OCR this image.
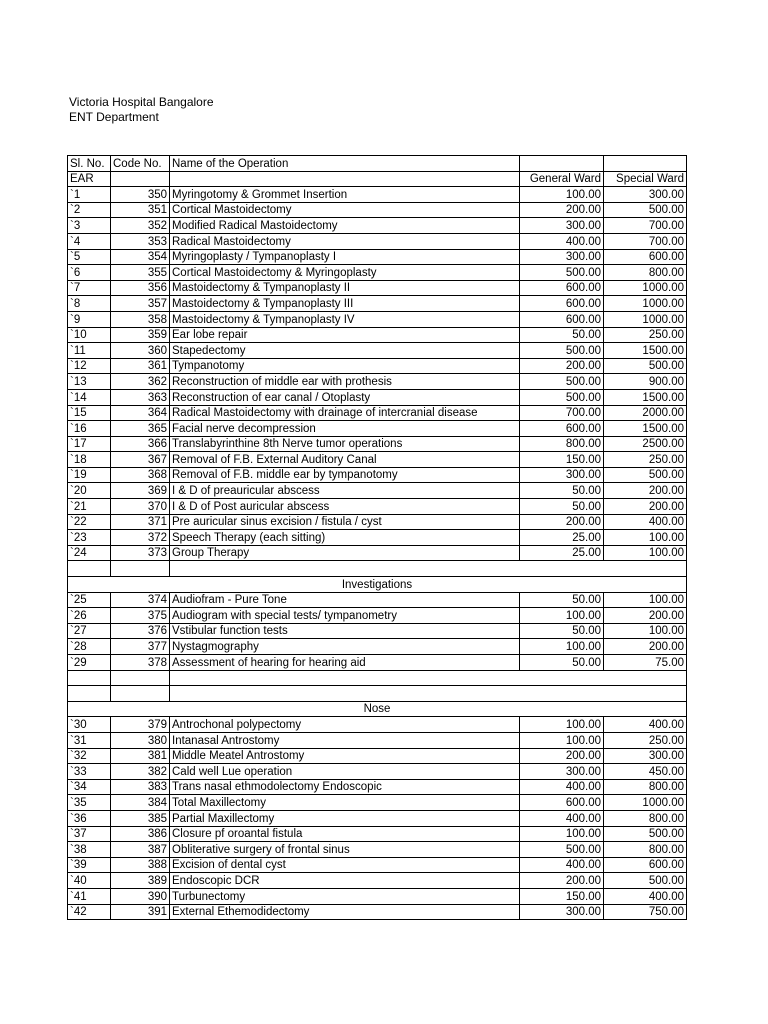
Victoria Hospital Bangalore
ENT Department
Sl. No.	Code No.	Name of the Operation		
EAR			General Ward	Special Ward
`1	350	Myringotomy & Grommet Insertion	100.00	300.00
`2	351	Cortical Mastoidectomy	200.00	500.00
`3	352	Modified Radical Mastoidectomy	300.00	700.00
`4	353	Radical Mastoidectomy	400.00	700.00
`5	354	Myringoplasty / Tympanoplasty I	300.00	600.00
`6	355	Cortical Mastoidectomy & Myringoplasty	500.00	800.00
`7	356	Mastoidectomy & Tympanoplasty II	600.00	1000.00
`8	357	Mastoidectomy & Tympanoplasty III	600.00	1000.00
`9	358	Mastoidectomy & Tympanoplasty IV	600.00	1000.00
`10	359	Ear lobe repair	50.00	250.00
`11	360	Stapedectomy	500.00	1500.00
`12	361	Tympanotomy	200.00	500.00
`13	362	Reconstruction of middle ear with prothesis	500.00	900.00
`14	363	Reconstruction of ear canal / Otoplasty	500.00	1500.00
`15	364	Radical Mastoidectomy with drainage of intercranial disease	700.00	2000.00
`16	365	Facial nerve decompression	600.00	1500.00
`17	366	Translabyrinthine 8th Nerve tumor operations	800.00	2500.00
`18	367	Removal of F.B. External Auditory Canal	150.00	250.00
`19	368	Removal of F.B. middle ear by tympanotomy	300.00	500.00
`20	369	I & D of preauricular abscess	50.00	200.00
`21	370	I & D of Post auricular abscess	50.00	200.00
`22	371	Pre auricular sinus excision / fistula / cyst	200.00	400.00
`23	372	Speech Therapy (each sitting)	25.00	100.00
`24	373	Group Therapy	25.00	100.00

Investigations				
`25	374	Audiofram - Pure Tone	50.00	100.00
`26	375	Audiogram with special tests/ tympanometry	100.00	200.00
`27	376	Vstibular function tests	50.00	100.00
`28	377	Nystagmography	100.00	200.00
`29	378	Assessment of hearing for hearing aid	50.00	75.00

Nose				
`30	379	Antrochonal polypectomy	100.00	400.00
`31	380	Intanasal Antrostomy	100.00	250.00
`32	381	Middle Meatel Antrostomy	200.00	300.00
`33	382	Cald well Lue operation	300.00	450.00
`34	383	Trans nasal ethmodolectomy Endoscopic	400.00	800.00
`35	384	Total Maxillectomy	600.00	1000.00
`36	385	Partial Maxillectomy	400.00	800.00
`37	386	Closure pf oroantal fistula	100.00	500.00
`38	387	Obliterative surgery of frontal sinus	500.00	800.00
`39	388	Excision of dental cyst	400.00	600.00
`40	389	Endoscopic DCR	200.00	500.00
`41	390	Turbunectomy	150.00	400.00
`42	391	External Ethemodidectomy	300.00	750.00
